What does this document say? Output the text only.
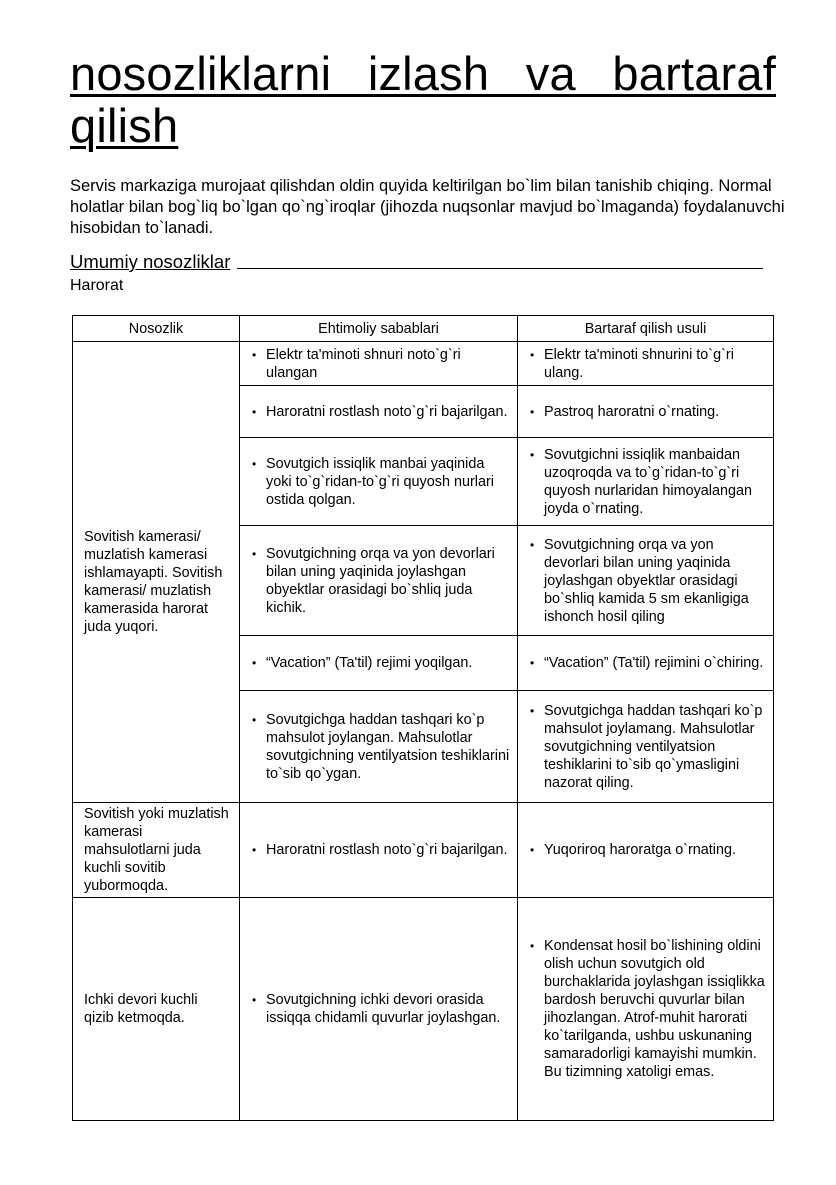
nosozliklarni izlash va bartaraf
qilish

Servis markaziga murojaat qilishdan oldin quyida keltirilgan bo`lim bilan tanishib chiqing. Normal holatlar bilan bog`liq bo`lgan qo`ng`iroqlar (jihozda nuqsonlar mavjud bo`lmaganda) foydalanuvchi hisobidan to`lanadi.

Umumiy nosozliklar
Harorat
Nosozlik	Ehtimoliy sabablari	Bartaraf qilish usuli
Sovitish kamerasi/ muzlatish kamerasi ishlamayapti. Sovitish kamerasi/ muzlatish kamerasida harorat juda yuqori.	• Elektr ta'minoti shnuri noto`g`ri ulangan	• Elektr ta'minoti shnurini to`g`ri ulang.

	• Haroratni rostlash noto`g`ri bajarilgan.	• Pastroq haroratni o`rnating.

	• Sovutgich issiqlik manbai yaqinida yoki to`g`ridan-to`g`ri quyosh nurlari ostida qolgan.	• Sovutgichni issiqlik manbaidan uzoqroqda va to`g`ridan-to`g`ri quyosh nurlaridan himoyalangan joyda o`rnating.

	• Sovutgichning orqa va yon devorlari bilan uning yaqinida joylashgan obyektlar orasidagi bo`shliq juda kichik.	• Sovutgichning orqa va yon devorlari bilan uning yaqinida joylashgan obyektlar orasidagi bo`shliq kamida 5 sm ekanligiga ishonch hosil qiling

	• “Vacation” (Ta'til) rejimi yoqilgan.	• “Vacation” (Ta'til) rejimini o`chiring.

	• Sovutgichga haddan tashqari ko`p mahsulot joylangan. Mahsulotlar sovutgichning ventilyatsion teshiklarini to`sib qo`ygan.	• Sovutgichga haddan tashqari ko`p mahsulot joylamang. Mahsulotlar sovutgichning ventilyatsion teshiklarini to`sib qo`ymasligini nazorat qiling.

Sovitish yoki muzlatish kamerasi mahsulotlarni juda kuchli sovitib yubormoqda.	• Haroratni rostlash noto`g`ri bajarilgan.	• Yuqoriroq haroratga o`rnating.

Ichki devori kuchli qizib ketmoqda.	• Sovutgichning ichki devori orasida issiqqa chidamli quvurlar joylashgan.	• Kondensat hosil bo`lishining oldini olish uchun sovutgich old burchaklarida joylashgan issiqlikka bardosh beruvchi quvurlar bilan jihozlangan. Atrof-muhit harorati ko`tarilganda, ushbu uskunaning samaradorligi kamayishi mumkin. Bu tizimning xatoligi emas.
